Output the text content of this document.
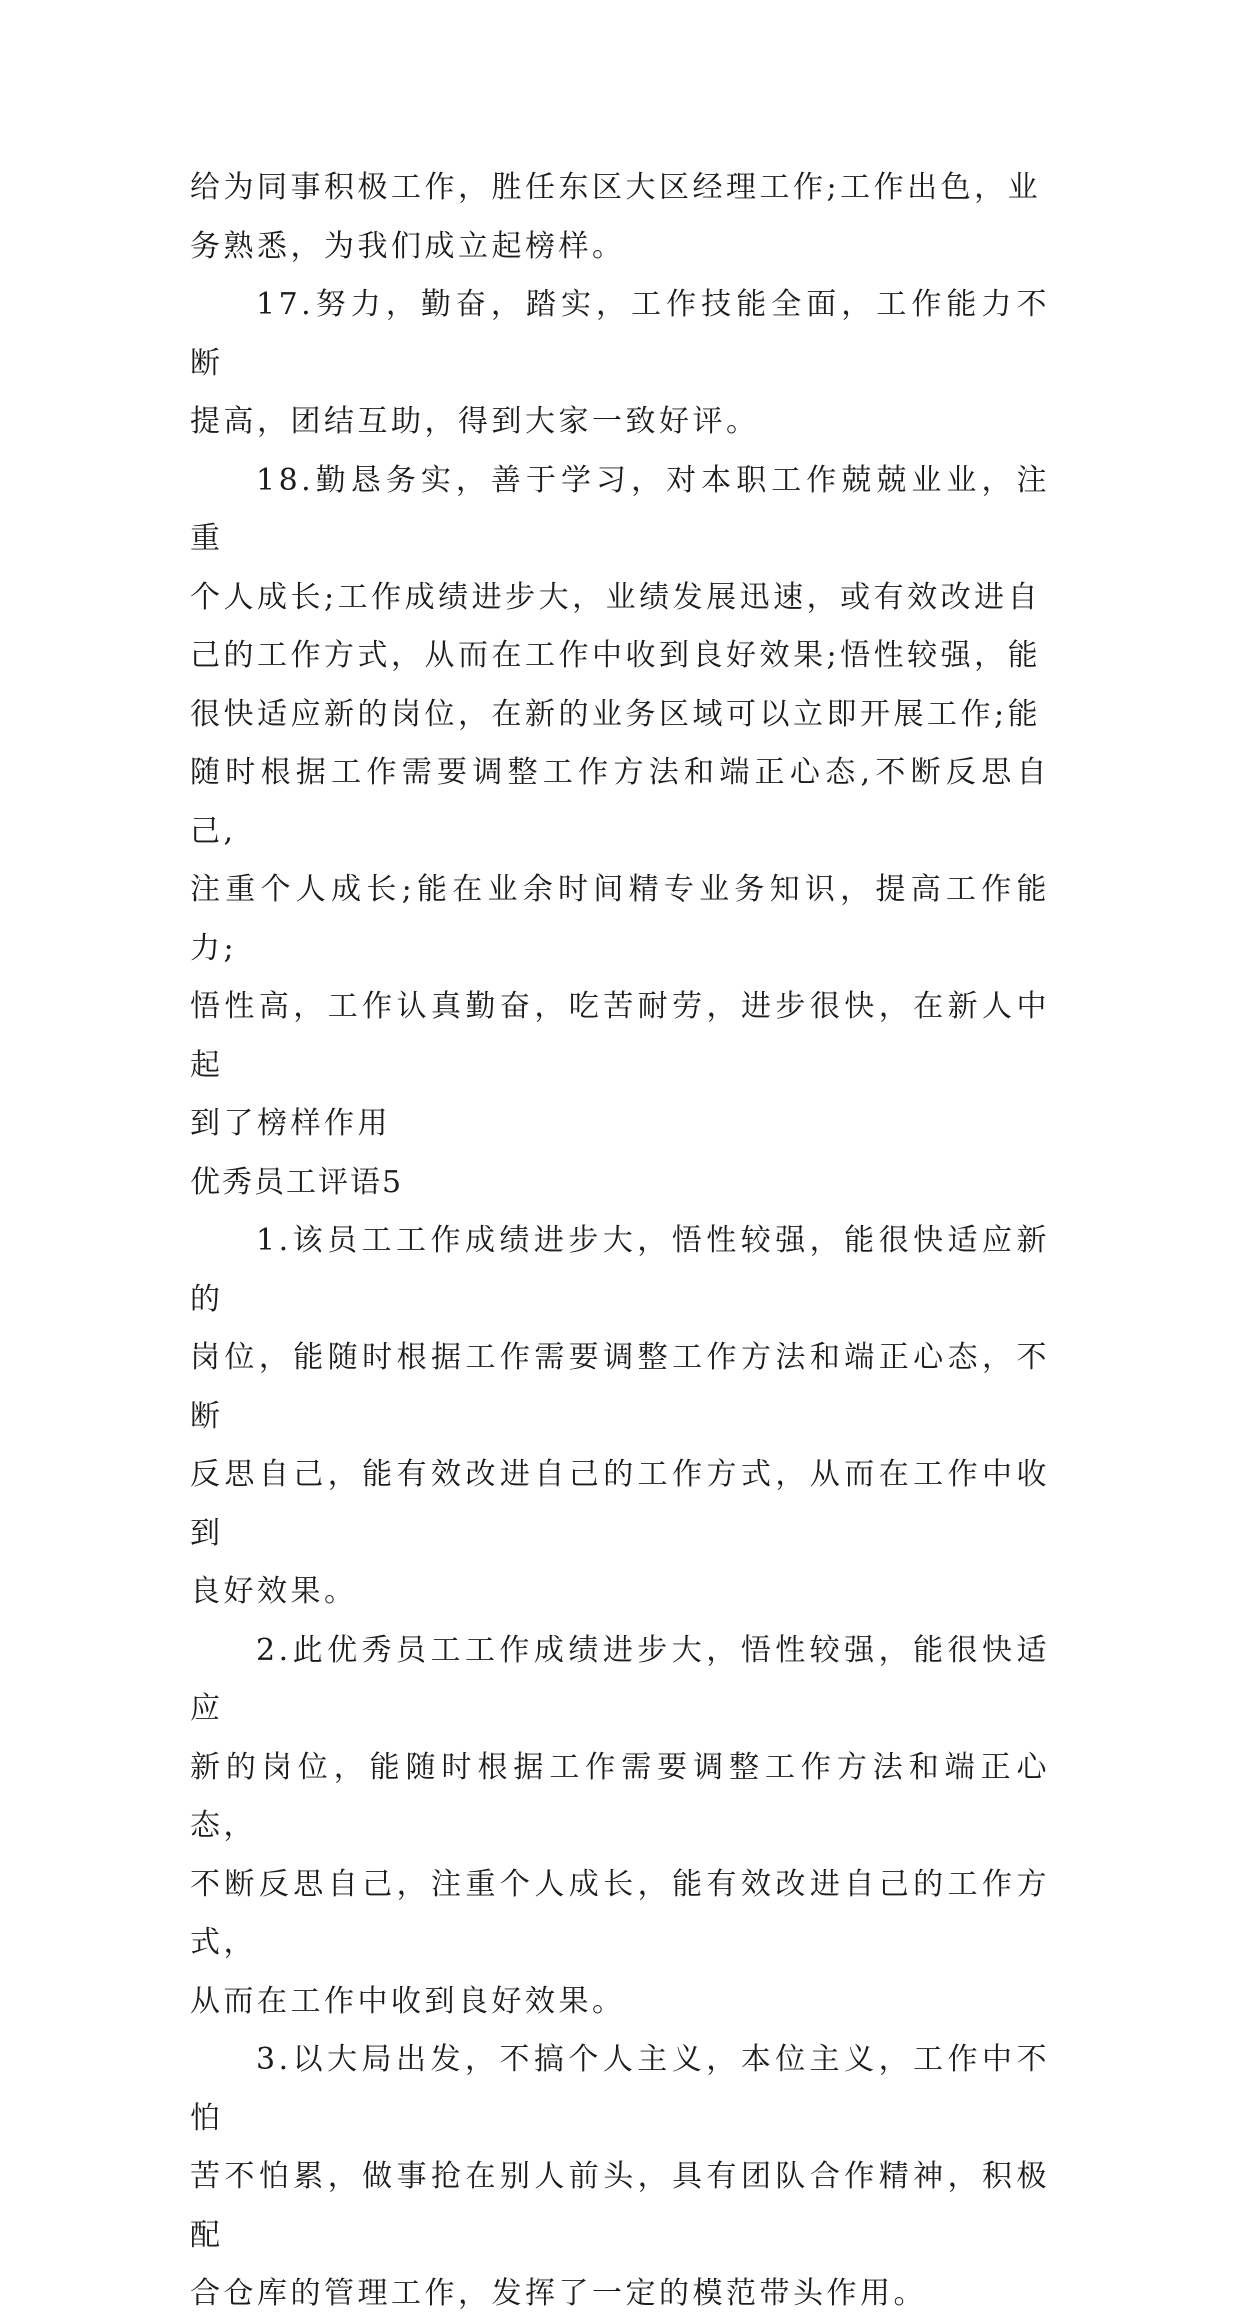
给为同事积极工作，胜任东区大区经理工作;工作出色，业
务熟悉，为我们成立起榜样。

17.努力，勤奋，踏实，工作技能全面，工作能力不断
提高，团结互助，得到大家一致好评。

18.勤恳务实，善于学习，对本职工作兢兢业业，注重
个人成长;工作成绩进步大，业绩发展迅速，或有效改进自
己的工作方式，从而在工作中收到良好效果;悟性较强，能
很快适应新的岗位，在新的业务区域可以立即开展工作;能
随时根据工作需要调整工作方法和端正心态,不断反思自己,
注重个人成长;能在业余时间精专业务知识，提高工作能力;
悟性高，工作认真勤奋，吃苦耐劳，进步很快，在新人中起
到了榜样作用

优秀员工评语5

1.该员工工作成绩进步大，悟性较强，能很快适应新的
岗位，能随时根据工作需要调整工作方法和端正心态，不断
反思自己，能有效改进自己的工作方式，从而在工作中收到
良好效果。

2.此优秀员工工作成绩进步大，悟性较强，能很快适应
新的岗位，能随时根据工作需要调整工作方法和端正心态，
不断反思自己，注重个人成长，能有效改进自己的工作方式，
从而在工作中收到良好效果。

3.以大局出发，不搞个人主义，本位主义，工作中不怕
苦不怕累，做事抢在别人前头，具有团队合作精神，积极配
合仓库的管理工作，发挥了一定的模范带头作用。
